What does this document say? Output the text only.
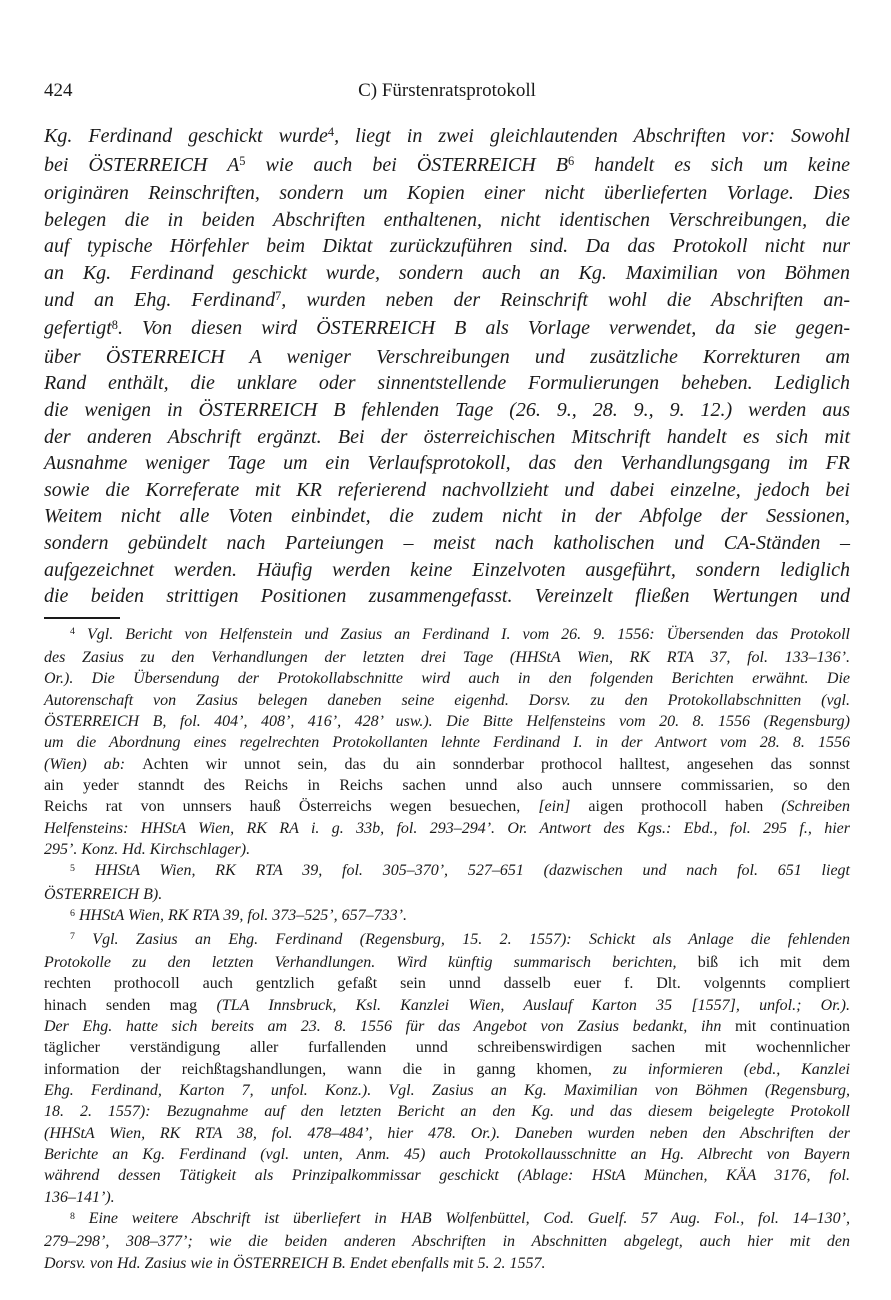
424	C) Fürstenratsprotokoll
Kg. Ferdinand geschickt wurde$^4$, liegt in zwei gleichlautenden Abschriften vor: Sowohl
bei ÖSTERREICH $A^5$ wie auch bei ÖSTERREICH $B^6$ handelt es sich um keine
originären Reinschriften, sondern um Kopien einer nicht überlieferten Vorlage. Dies
belegen die in beiden Abschriften enthaltenen, nicht identischen Verschreibungen, die
auf typische Hörfehler beim Diktat zurückzuführen sind. Da das Protokoll nicht nur
an Kg. Ferdinand geschickt wurde, sondern auch an Kg. Maximilian von Böhmen
und an Ehg. Ferdinand$^7$, wurden neben der Reinschrift wohl die Abschriften an-
gefertigt$^8$. Von diesen wird ÖSTERREICH B als Vorlage verwendet, da sie gegen-
über ÖSTERREICH A weniger Verschreibungen und zusätzliche Korrekturen am
Rand enthält, die unklare oder sinnentstellende Formulierungen beheben. Lediglich
die wenigen in ÖSTERREICH B fehlenden Tage (26. 9., 28. 9., 9. 12.) werden aus
der anderen Abschrift ergänzt. Bei der österreichischen Mitschrift handelt es sich mit
Ausnahme weniger Tage um ein Verlaufsprotokoll, das den Verhandlungsgang im FR
sowie die Korreferate mit KR referierend nachvollzieht und dabei einzelne, jedoch bei
Weitem nicht alle Voten einbindet, die zudem nicht in der Abfolge der Sessionen,
sondern gebündelt nach Parteiungen – meist nach katholischen und CA-Ständen –
aufgezeichnet werden. Häufig werden keine Einzelvoten ausgeführt, sondern lediglich
die beiden strittigen Positionen zusammengefasst. Vereinzelt fließen Wertungen und
$^4$ Vgl. Bericht von Helfenstein und Zasius an Ferdinand I. vom 26. 9. 1556: Übersenden das Protokoll
des Zasius zu den Verhandlungen der letzten drei Tage (HHStA Wien, RK RTA 37, fol. 133–136’.
Or.). Die Übersendung der Protokollabschnitte wird auch in den folgenden Berichten erwähnt. Die
Autorenschaft von Zasius belegen daneben seine eigenhd. Dorsv. zu den Protokollabschnitten (vgl.
ÖSTERREICH B, fol. 404’, 408’, 416’, 428’ usw.). Die Bitte Helfensteins vom 20. 8. 1556 (Regensburg)
um die Abordnung eines regelrechten Protokollanten lehnte Ferdinand I. in der Antwort vom 28. 8. 1556
(Wien) ab: Achten wir unnot sein, das du ain sonnderbar prothocol halltest, angesehen das sonnst
ain yeder stanndt des Reichs in Reichs sachen unnd also auch unnsere commissarien, so den
Reichs rat von unnsers hauß Österreichs wegen besuechen, [ein] aigen prothocoll haben (Schreiben
Helfensteins: HHStA Wien, RK RA i. g. 33b, fol. 293–294’. Or. Antwort des Kgs.: Ebd., fol. 295 f., hier
295’. Konz. Hd. Kirchschlager).
$^5$ HHStA Wien, RK RTA 39, fol. 305–370’, 527–651 (dazwischen und nach fol. 651 liegt
ÖSTERREICH B).
$^6$ HHStA Wien, RK RTA 39, fol. 373–525’, 657–733’.
$^7$ Vgl. Zasius an Ehg. Ferdinand (Regensburg, 15. 2. 1557): Schickt als Anlage die fehlenden
Protokolle zu den letzten Verhandlungen. Wird künftig summarisch berichten, biß ich mit dem
rechten prothocoll auch gentzlich gefaßt sein unnd dasselb euer f. Dlt. volgennts compliert
hinach senden mag (TLA Innsbruck, Ksl. Kanzlei Wien, Auslauf Karton 35 [1557], unfol.; Or.).
Der Ehg. hatte sich bereits am 23. 8. 1556 für das Angebot von Zasius bedankt, ihn mit continuation
täglicher verständigung aller furfallenden unnd schreibenswirdigen sachen mit wochennlicher
information der reichßtagshandlungen, wann die in ganng khomen, zu informieren (ebd., Kanzlei
Ehg. Ferdinand, Karton 7, unfol. Konz.). Vgl. Zasius an Kg. Maximilian von Böhmen (Regensburg,
18. 2. 1557): Bezugnahme auf den letzten Bericht an den Kg. und das diesem beigelegte Protokoll
(HHStA Wien, RK RTA 38, fol. 478–484’, hier 478. Or.). Daneben wurden neben den Abschriften der
Berichte an Kg. Ferdinand (vgl. unten, Anm. 45) auch Protokollausschnitte an Hg. Albrecht von Bayern
während dessen Tätigkeit als Prinzipalkommissar geschickt (Ablage: HStA München, KÄA 3176, fol.
136–141’).
$^8$ Eine weitere Abschrift ist überliefert in HAB Wolfenbüttel, Cod. Guelf. 57 Aug. Fol., fol. 14–130’,
279–298’, 308–377’; wie die beiden anderen Abschriften in Abschnitten abgelegt, auch hier mit den
Dorsv. von Hd. Zasius wie in ÖSTERREICH B. Endet ebenfalls mit 5. 2. 1557.
